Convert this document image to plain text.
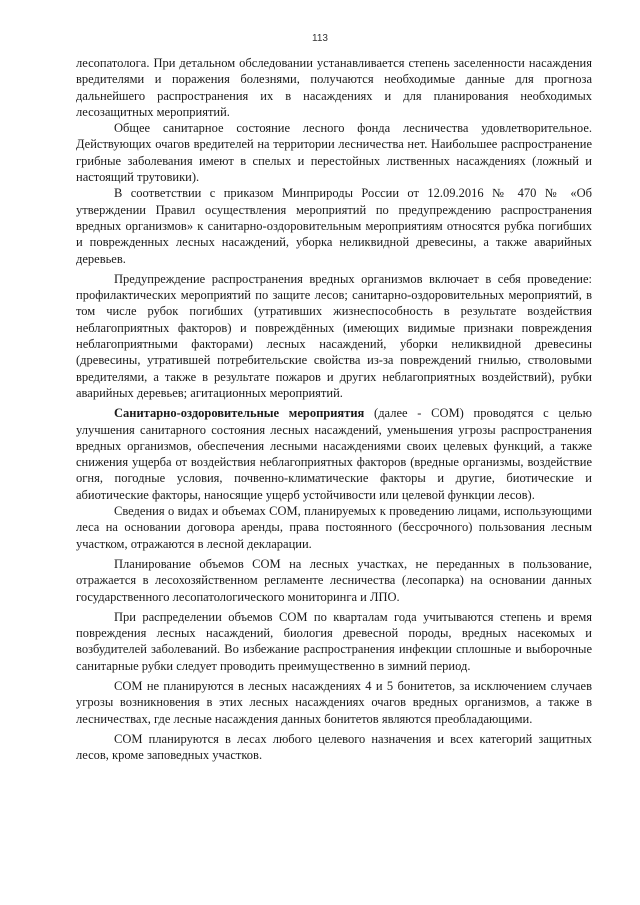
113

лесопатолога. При детальном обследовании устанавливается степень заселенности насаждения вредителями и поражения болезнями, получаются необходимые данные для прогноза дальнейшего распространения их в насаждениях и для планирования необходимых лесозащитных мероприятий.

Общее санитарное состояние лесного фонда лесничества удовлетворительное. Действующих очагов вредителей на территории лесничества нет. Наибольшее распространение грибные заболевания имеют в спелых и перестойных лиственных насаждениях (ложный и настоящий трутовики).

В соответствии с приказом Минприроды России от 12.09.2016 № 470 № «Об утверждении Правил осуществления мероприятий по предупреждению распространения вредных организмов» к санитарно-оздоровительным мероприятиям относятся рубка погибших и поврежденных лесных насаждений, уборка неликвидной древесины, а также аварийных деревьев.

Предупреждение распространения вредных организмов включает в себя проведение: профилактических мероприятий по защите лесов; санитарно-оздоровительных мероприятий, в том числе рубок погибших (утративших жизнеспособность в результате воздействия неблагоприятных факторов) и повреждённых (имеющих видимые признаки повреждения неблагоприятными факторами) лесных насаждений, уборки неликвидной древесины (древесины, утратившей потребительские свойства из-за повреждений гнилью, стволовыми вредителями, а также в результате пожаров и других неблагоприятных воздействий), рубки аварийных деревьев; агитационных мероприятий.

Санитарно-оздоровительные мероприятия (далее - СОМ) проводятся с целью улучшения санитарного состояния лесных насаждений, уменьшения угрозы распространения вредных организмов, обеспечения лесными насаждениями своих целевых функций, а также снижения ущерба от воздействия неблагоприятных факторов (вредные организмы, воздействие огня, погодные условия, почвенно-климатические факторы и другие, биотические и абиотические факторы, наносящие ущерб устойчивости или целевой функции лесов).

Сведения о видах и объемах СОМ, планируемых к проведению лицами, использующими леса на основании договора аренды, права постоянного (бессрочного) пользования лесным участком, отражаются в лесной декларации.

Планирование объемов СОМ на лесных участках, не переданных в пользование, отражается в лесохозяйственном регламенте лесничества (лесопарка) на основании данных государственного лесопатологического мониторинга и ЛПО.

При распределении объемов СОМ по кварталам года учитываются степень и время повреждения лесных насаждений, биология древесной породы, вредных насекомых и возбудителей заболеваний. Во избежание распространения инфекции сплошные и выборочные санитарные рубки следует проводить преимущественно в зимний период.

СОМ не планируются в лесных насаждениях 4 и 5 бонитетов, за исключением случаев угрозы возникновения в этих лесных насаждениях очагов вредных организмов, а также в лесничествах, где лесные насаждения данных бонитетов являются преобладающими.

СОМ планируются в лесах любого целевого назначения и всех категорий защитных лесов, кроме заповедных участков.
